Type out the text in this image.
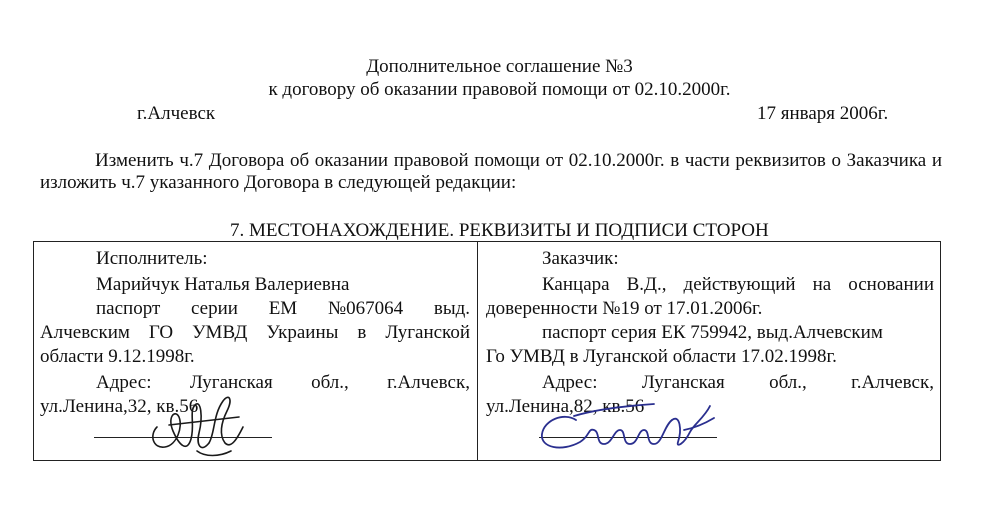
Дополнительное соглашение №3
к договору об оказании правовой помощи от 02.10.2000г.
г.Алчевск	17 января 2006г.
Изменить ч.7 Договора об оказании правовой помощи от 02.10.2000г. в части реквизитов о Заказчика и изложить ч.7 указанного Договора в следующей редакции:
7. МЕСТОНАХОЖДЕНИЕ. РЕКВИЗИТЫ И ПОДПИСИ СТОРОН
Исполнитель:
Марийчук Наталья Валериевна
паспорт серии ЕМ №067064 выд.
Алчевским ГО УМВД Украины в Луганской
области 9.12.1998г.
Адрес: Луганская обл., г.Алчевск,
ул.Ленина,32, кв.56
Заказчик:
Канцара В.Д., действующий на основании
доверенности №19 от 17.01.2006г.
паспорт серия ЕК 759942, выд.Алчевским
Го УМВД в Луганской области 17.02.1998г.
Адрес: Луганская обл., г.Алчевск,
ул.Ленина,82, кв.56
